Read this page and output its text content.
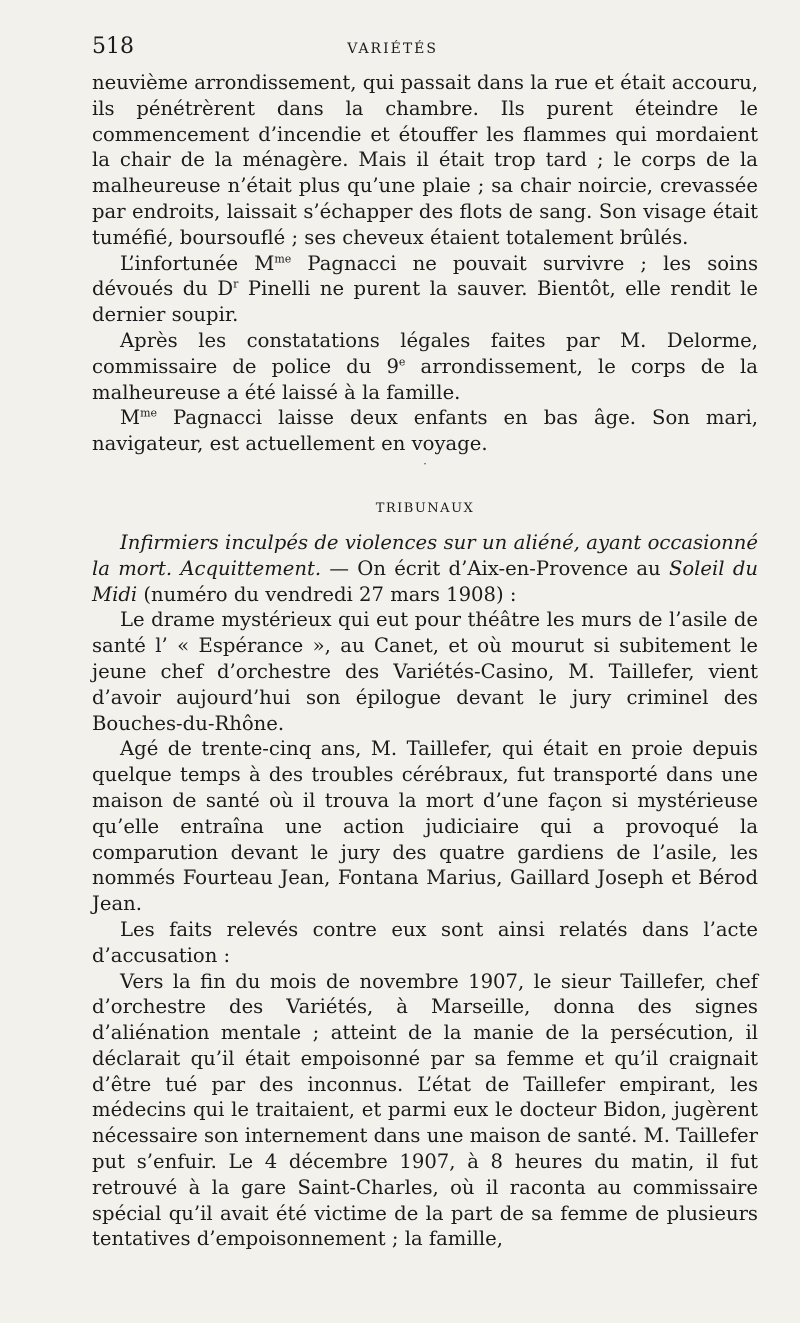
518	VARIÉTÉS

neuvième arrondissement, qui passait dans la rue et était accouru, ils pénétrèrent dans la chambre. Ils purent éteindre le commencement d’incendie et étouffer les flammes qui mordaient la chair de la ménagère. Mais il était trop tard ; le corps de la malheureuse n’était plus qu’une plaie ; sa chair noircie, crevassée par endroits, laissait s’échapper des flots de sang. Son visage était tuméfié, boursouflé ; ses cheveux étaient totalement brûlés.

L’infortunée $M^{me}$ Pagnacci ne pouvait survivre ; les soins dévoués du $D^r$ Pinelli ne purent la sauver. Bientôt, elle rendit le dernier soupir.

Après les constatations légales faites par M. Delorme, commissaire de police du 9e arrondissement, le corps de la malheureuse a été laissé à la famille.

$M^{me}$ Pagnacci laisse deux enfants en bas âge. Son mari, navigateur, est actuellement en voyage.

·
TRIBUNAUX

Infirmiers inculpés de violences sur un aliéné, ayant occasionné la mort. Acquittement. — On écrit d’Aix-en-Provence au Soleil du Midi (numéro du vendredi 27 mars 1908) :

Le drame mystérieux qui eut pour théâtre les murs de l’asile de santé l’ « Espérance », au Canet, et où mourut si subitement le jeune chef d’orchestre des Variétés-Casino, M. Taillefer, vient d’avoir aujourd’hui son épilogue devant le jury criminel des Bouches-du-Rhône.

Agé de trente-cinq ans, M. Taillefer, qui était en proie depuis quelque temps à des troubles cérébraux, fut transporté dans une maison de santé où il trouva la mort d’une façon si mystérieuse qu’elle entraîna une action judiciaire qui a provoqué la comparution devant le jury des quatre gardiens de l’asile, les nommés Fourteau Jean, Fontana Marius, Gaillard Joseph et Bérod Jean.

Les faits relevés contre eux sont ainsi relatés dans l’acte d’accusation :

Vers la fin du mois de novembre 1907, le sieur Taillefer, chef d’orchestre des Variétés, à Marseille, donna des signes d’aliénation mentale ; atteint de la manie de la persécution, il déclarait qu’il était empoisonné par sa femme et qu’il craignait d’être tué par des inconnus. L’état de Taillefer empirant, les médecins qui le traitaient, et parmi eux le docteur Bidon, jugèrent nécessaire son internement dans une maison de santé. M. Taillefer put s’enfuir. Le 4 décembre 1907, à 8 heures du matin, il fut retrouvé à la gare Saint-Charles, où il raconta au commissaire spécial qu’il avait été victime de la part de sa femme de plusieurs tentatives d’empoisonnement ; la famille,
